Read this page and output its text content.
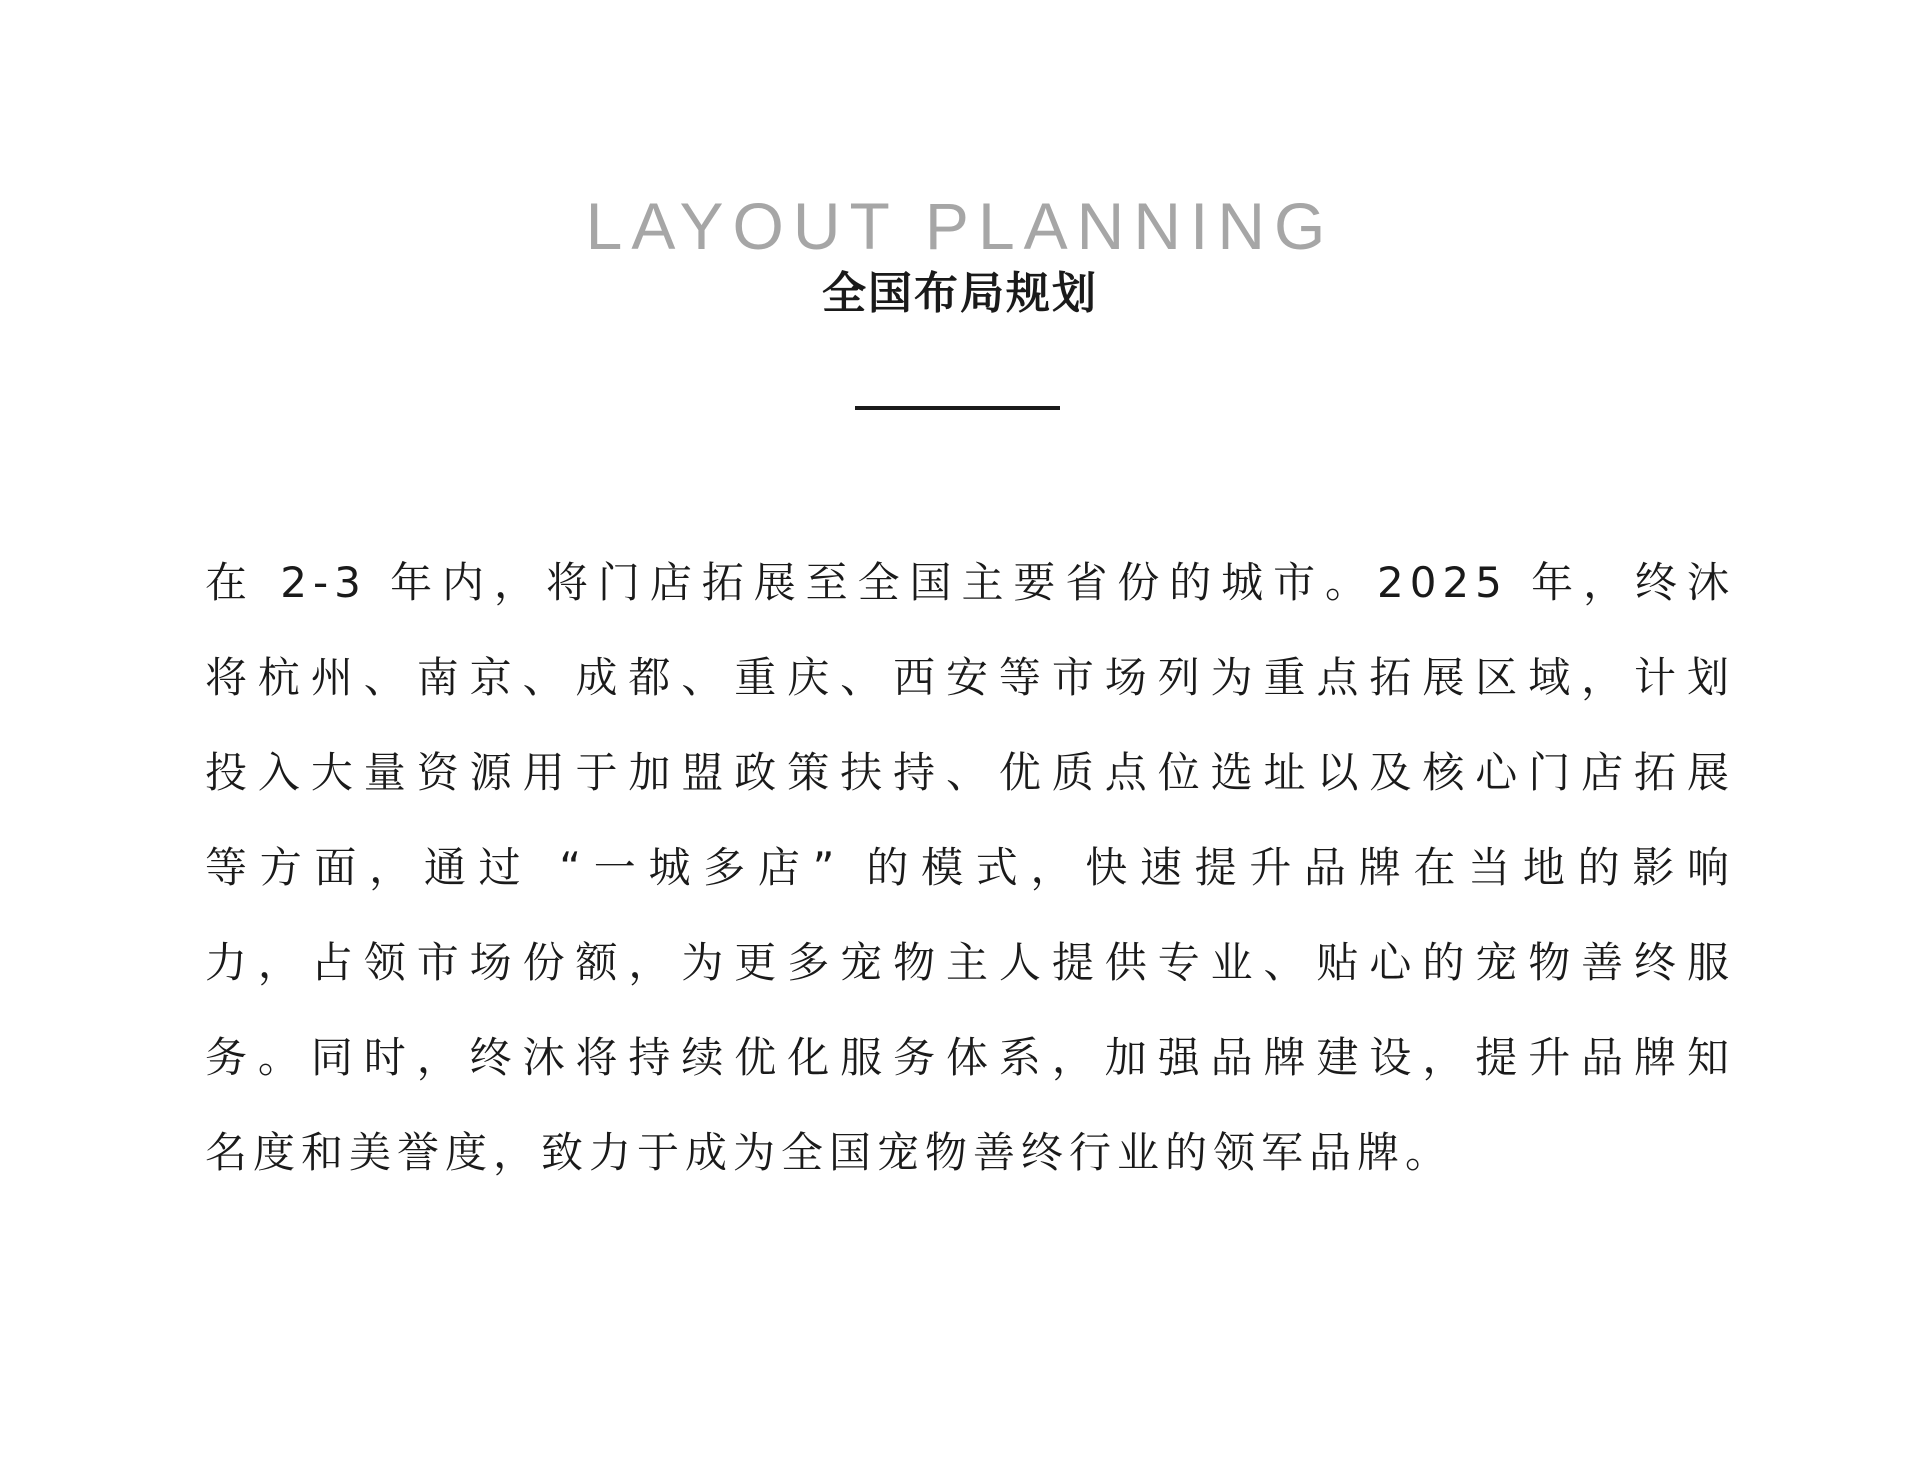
LAYOUT PLANNING
全国布局规划
在 2-3 年内，将门店拓展至全国主要省份的城市。2025 年，终沐
将杭州、南京、成都、重庆、西安等市场列为重点拓展区域，计划
投入大量资源用于加盟政策扶持、优质点位选址以及核心门店拓展
等方面，通过 “一城多店” 的模式，快速提升品牌在当地的影响
力，占领市场份额，为更多宠物主人提供专业、贴心的宠物善终服
务。同时，终沐将持续优化服务体系，加强品牌建设，提升品牌知
名度和美誉度，致力于成为全国宠物善终行业的领军品牌。
